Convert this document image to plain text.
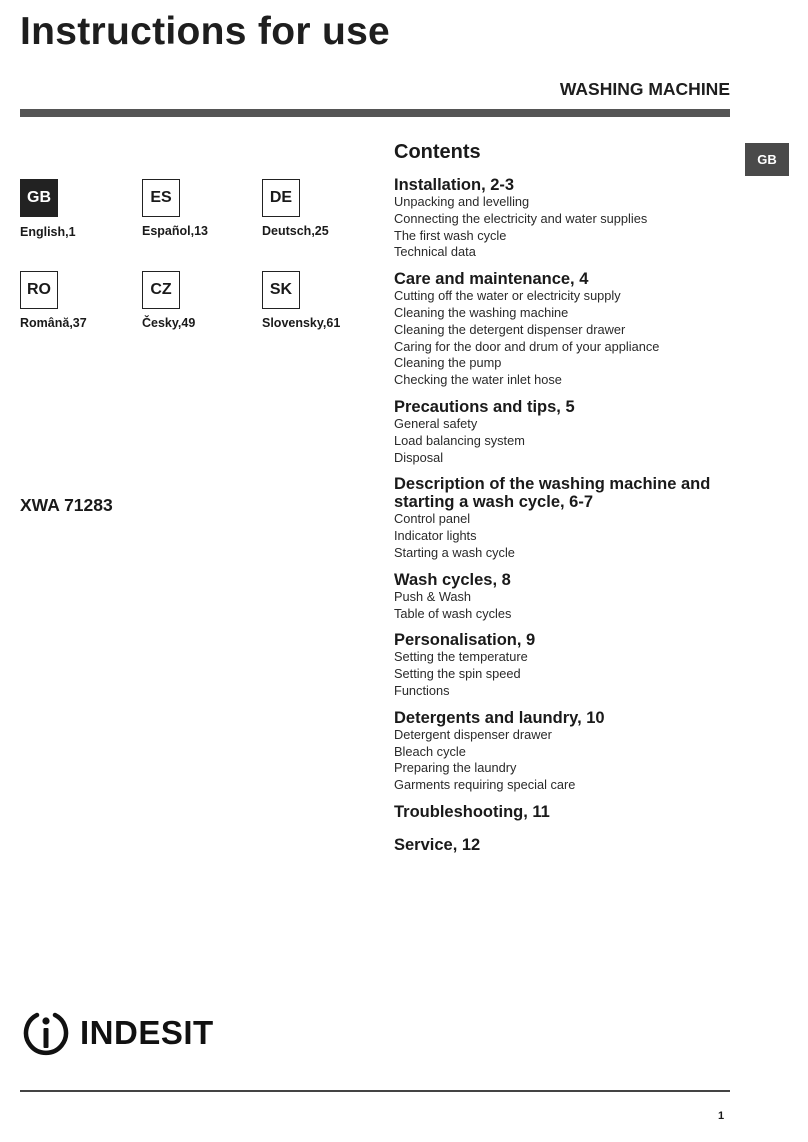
Instructions for use
WASHING MACHINE
GB
GB
English,1
ES
Español,13
DE
Deutsch,25
RO
Română,37
CZ
Česky,49
SK
Slovensky,61
XWA 71283
Contents
Installation, 2-3
Unpacking and levelling
Connecting the electricity and water supplies
The first wash cycle
Technical data
Care and maintenance, 4
Cutting off the water or electricity supply
Cleaning the washing machine
Cleaning the detergent dispenser drawer
Caring for the door and drum of your appliance
Cleaning the pump
Checking the water inlet hose
Precautions and tips, 5
General safety
Load balancing system
Disposal
Description of the washing machine and starting a wash cycle, 6-7
Control panel
Indicator lights
Starting a wash cycle
Wash cycles, 8
Push & Wash
Table of wash cycles
Personalisation, 9
Setting the temperature
Setting the spin speed
Functions
Detergents and laundry, 10
Detergent dispenser drawer
Bleach cycle
Preparing the laundry
Garments requiring special care
Troubleshooting, 11
Service, 12
INDESIT
1
